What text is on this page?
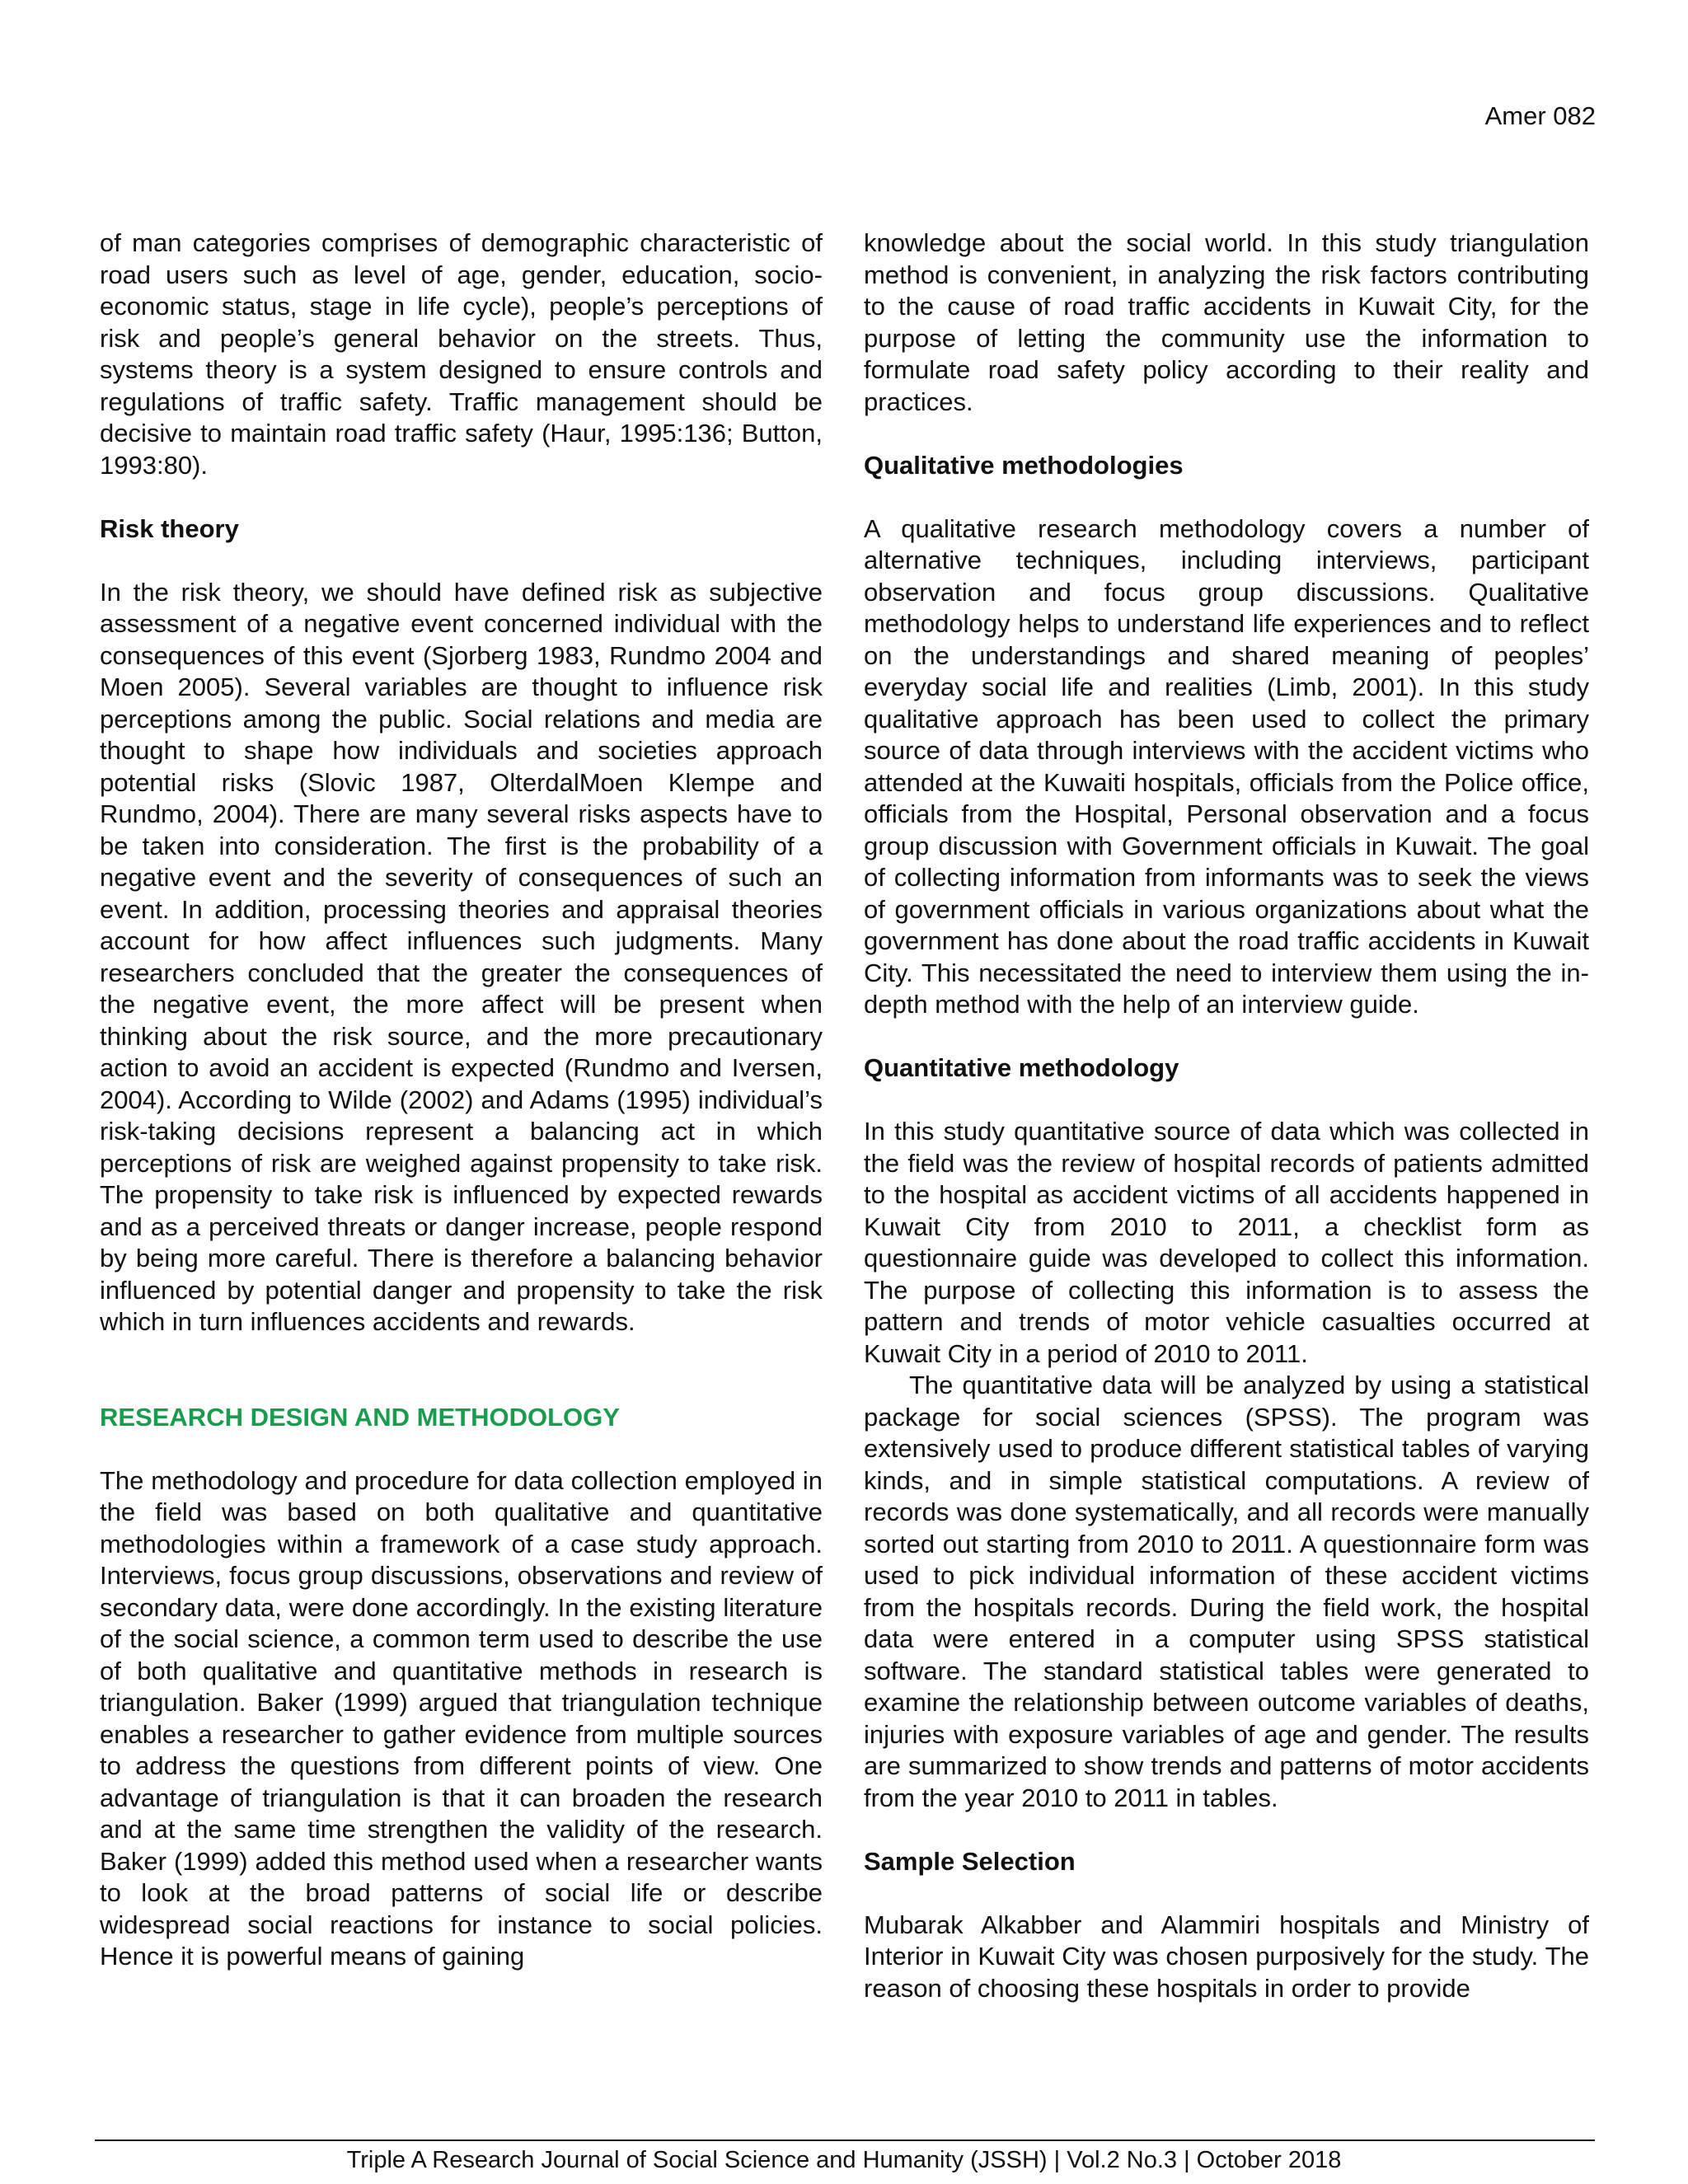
Amer 082

of man categories comprises of demographic characteristic of road users such as level of age, gender, education, socio-economic status, stage in life cycle), people’s perceptions of risk and people’s general behavior on the streets. Thus, systems theory is a system designed to ensure controls and regulations of traffic safety. Traffic management should be decisive to maintain road traffic safety (Haur, 1995:136; Button, 1993:80).

Risk theory

In the risk theory, we should have defined risk as subjective assessment of a negative event concerned individual with the consequences of this event (Sjorberg 1983, Rundmo 2004 and Moen 2005). Several variables are thought to influence risk perceptions among the public. Social relations and media are thought to shape how individuals and societies approach potential risks (Slovic 1987, OlterdalMoen Klempe and Rundmo, 2004). There are many several risks aspects have to be taken into consideration. The first is the probability of a negative event and the severity of consequences of such an event. In addition, processing theories and appraisal theories account for how affect influences such judgments. Many researchers concluded that the greater the consequences of the negative event, the more affect will be present when thinking about the risk source, and the more precautionary action to avoid an accident is expected (Rundmo and Iversen, 2004). According to Wilde (2002) and Adams (1995) individual’s risk-taking decisions represent a balancing act in which perceptions of risk are weighed against propensity to take risk. The propensity to take risk is influenced by expected rewards and as a perceived threats or danger increase, people respond by being more careful. There is therefore a balancing behavior influenced by potential danger and propensity to take the risk which in turn influences accidents and rewards.

RESEARCH DESIGN AND METHODOLOGY

The methodology and procedure for data collection employed in the field was based on both qualitative and quantitative methodologies within a framework of a case study approach. Interviews, focus group discussions, observations and review of secondary data, were done accordingly. In the existing literature of the social science, a common term used to describe the use of both qualitative and quantitative methods in research is triangulation. Baker (1999) argued that triangulation technique enables a researcher to gather evidence from multiple sources to address the questions from different points of view. One advantage of triangulation is that it can broaden the research and at the same time strengthen the validity of the research. Baker (1999) added this method used when a researcher wants to look at the broad patterns of social life or describe widespread social reactions for instance to social policies. Hence it is powerful means of gaining

knowledge about the social world. In this study triangulation method is convenient, in analyzing the risk factors contributing to the cause of road traffic accidents in Kuwait City, for the purpose of letting the community use the information to formulate road safety policy according to their reality and practices.

Qualitative methodologies

A qualitative research methodology covers a number of alternative techniques, including interviews, participant observation and focus group discussions. Qualitative methodology helps to understand life experiences and to reflect on the understandings and shared meaning of peoples’ everyday social life and realities (Limb, 2001). In this study qualitative approach has been used to collect the primary source of data through interviews with the accident victims who attended at the Kuwaiti hospitals, officials from the Police office, officials from the Hospital, Personal observation and a focus group discussion with Government officials in Kuwait. The goal of collecting information from informants was to seek the views of government officials in various organizations about what the government has done about the road traffic accidents in Kuwait City. This necessitated the need to interview them using the in-depth method with the help of an interview guide.

Quantitative methodology

In this study quantitative source of data which was collected in the field was the review of hospital records of patients admitted to the hospital as accident victims of all accidents happened in Kuwait City from 2010 to 2011, a checklist form as questionnaire guide was developed to collect this information. The purpose of collecting this information is to assess the pattern and trends of motor vehicle casualties occurred at Kuwait City in a period of 2010 to 2011.

The quantitative data will be analyzed by using a statistical package for social sciences (SPSS). The program was extensively used to produce different statistical tables of varying kinds, and in simple statistical computations. A review of records was done systematically, and all records were manually sorted out starting from 2010 to 2011. A questionnaire form was used to pick individual information of these accident victims from the hospitals records. During the field work, the hospital data were entered in a computer using SPSS statistical software. The standard statistical tables were generated to examine the relationship between outcome variables of deaths, injuries with exposure variables of age and gender. The results are summarized to show trends and patterns of motor accidents from the year 2010 to 2011 in tables.

Sample Selection

Mubarak Alkabber and Alammiri hospitals and Ministry of Interior in Kuwait City was chosen purposively for the study. The reason of choosing these hospitals in order to provide

Triple A Research Journal of Social Science and Humanity (JSSH) | Vol.2 No.3 | October 2018
